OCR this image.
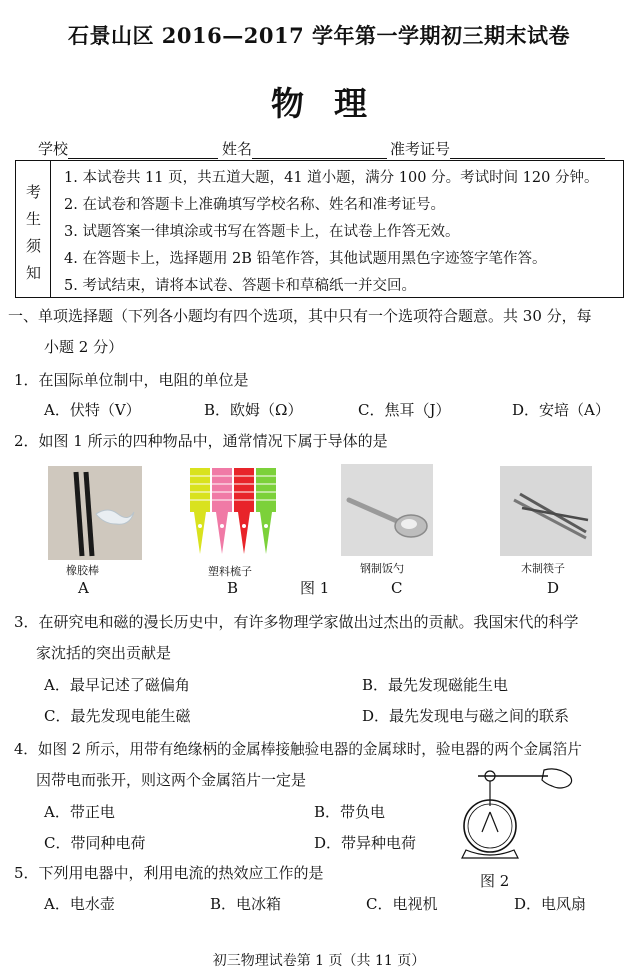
石景山区 2016—2017 学年第一学期初三期末试卷
物理
学校	姓名	准考证号
考
生
须
知
1. 本试卷共 11 页，共五道大题，41 道小题，满分 100 分。考试时间 120 分钟。
2. 在试卷和答题卡上准确填写学校名称、姓名和准考证号。
3. 试题答案一律填涂或书写在答题卡上，在试卷上作答无效。
4. 在答题卡上，选择题用 2B 铅笔作答，其他试题用黑色字迹签字笔作答。
5. 考试结束，请将本试卷、答题卡和草稿纸一并交回。
一、单项选择题（下列各小题均有四个选项，其中只有一个选项符合题意。共 30 分，每
小题 2 分）
1．在国际单位制中，电阻的单位是
A．伏特（V）	B．欧姆（Ω）	C．焦耳（J）	D．安培（A）
2．如图 1 所示的四种物品中，通常情况下属于导体的是
橡胶棒
A
塑料梳子
B	图 1
钢制饭勺
C
木制筷子
D
3．在研究电和磁的漫长历史中，有许多物理学家做出过杰出的贡献。我国宋代的科学
家沈括的突出贡献是
A．最早记述了磁偏角	B．最先发现磁能生电
C．最先发现电能生磁	D．最先发现电与磁之间的联系
4．如图 2 所示，用带有绝缘柄的金属棒接触验电器的金属球时，验电器的两个金属箔片
因带电而张开，则这两个金属箔片一定是
A．带正电	B．带负电
C．带同种电荷	D．带异种电荷
图 2
5．下列用电器中，利用电流的热效应工作的是
A．电水壶	B．电冰箱	C．电视机	D．电风扇
初三物理试卷第 1 页（共 11 页）
